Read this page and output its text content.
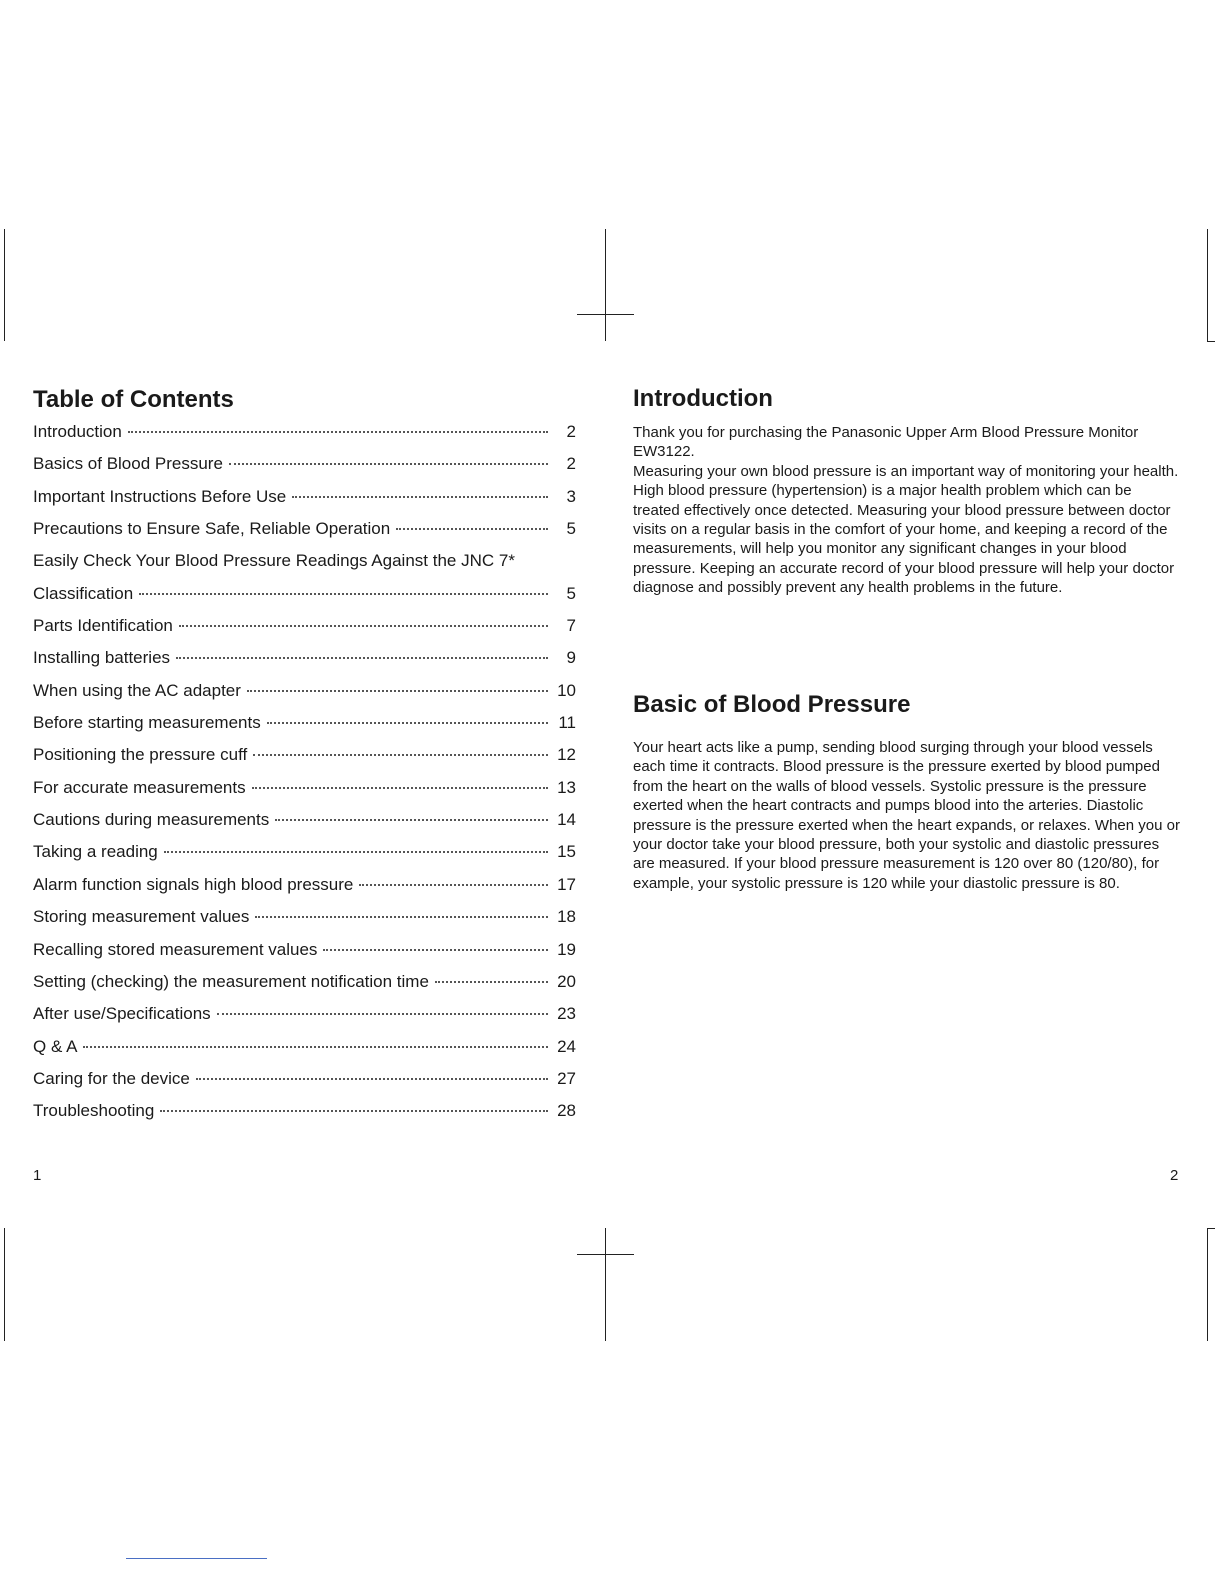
Table of Contents
Introduction	2
Basics of Blood Pressure	2
Important Instructions Before Use	3
Precautions to Ensure Safe, Reliable Operation	5
Easily Check Your Blood Pressure Readings Against the JNC 7*
Classification	5
Parts Identification	7
Installing batteries	9
When using the AC adapter	10
Before starting measurements	11
Positioning the pressure cuff	12
For accurate measurements	13
Cautions during measurements	14
Taking a reading	15
Alarm function signals high blood pressure	17
Storing measurement values	18
Recalling stored measurement values	19
Setting (checking) the measurement notification time	20
After use/Specifications	23
Q & A	24
Caring for the device	27
Troubleshooting	28
1
Introduction

Thank you for purchasing the Panasonic Upper Arm Blood Pressure Monitor EW3122.

Measuring your own blood pressure is an important way of monitoring your health. High blood pressure (hypertension) is a major health problem which can be treated effectively once detected. Measuring your blood pressure between doctor visits on a regular basis in the comfort of your home, and keeping a record of the measurements, will help you monitor any significant changes in your blood pressure. Keeping an accurate record of your blood pressure will help your doctor diagnose and possibly prevent any health problems in the future.

Basic of Blood Pressure

Your heart acts like a pump, sending blood surging through your blood vessels each time it contracts. Blood pressure is the pressure exerted by blood pumped from the heart on the walls of blood vessels. Systolic pressure is the pressure exerted when the heart contracts and pumps blood into the arteries. Diastolic pressure is the pressure exerted when the heart expands, or relaxes. When you or your doctor take your blood pressure, both your systolic and diastolic pressures are measured. If your blood pressure measurement is 120 over 80 (120/80), for example, your systolic pressure is 120 while your diastolic pressure is 80.

2
